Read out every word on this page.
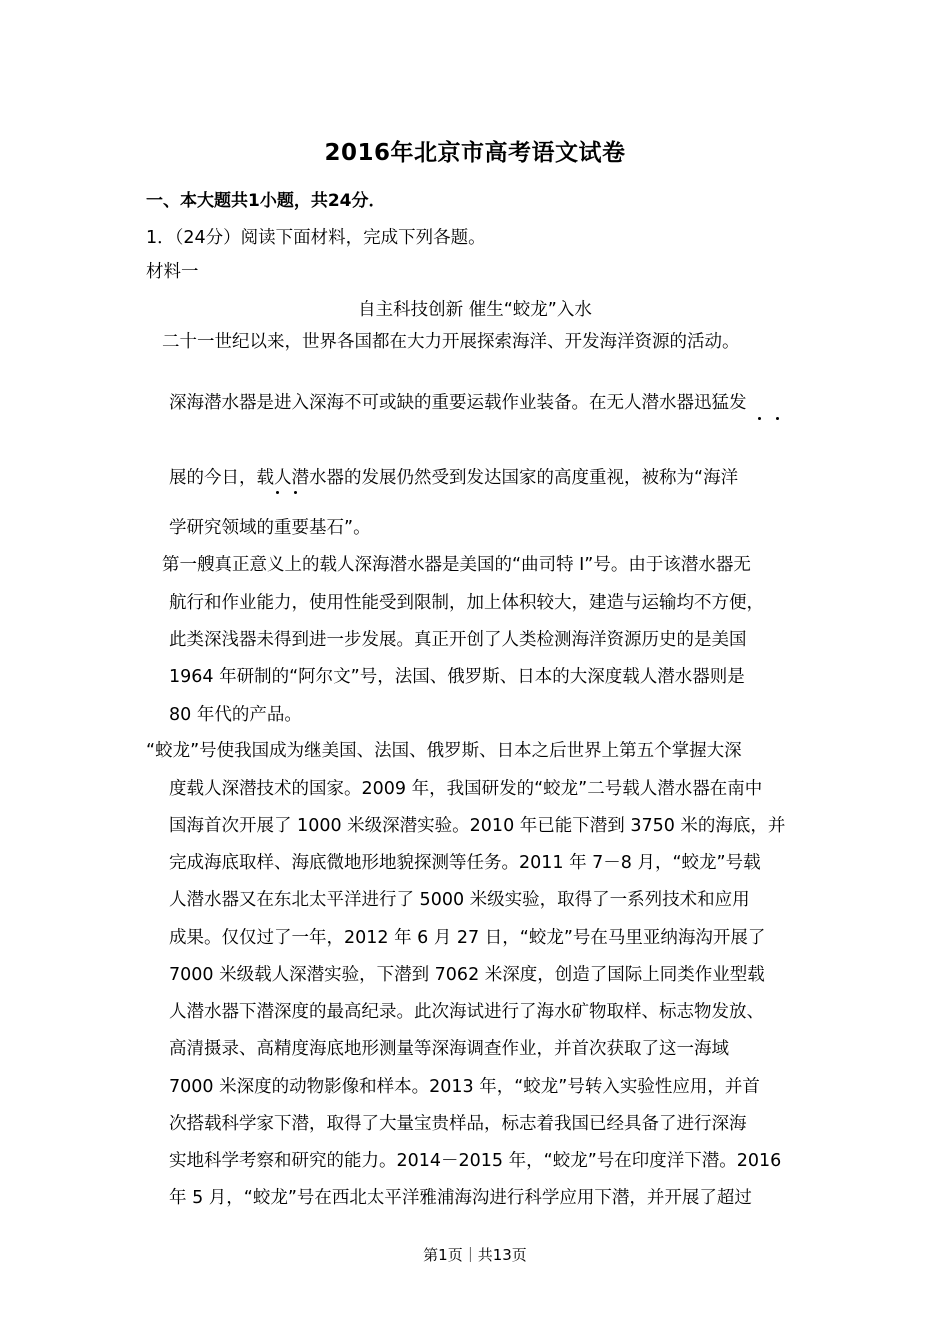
2016年北京市高考语文试卷
一、本大题共1小题，共24分．
1．（24分）阅读下面材料，完成下列各题。
材料一
自主科技创新 催生“蛟龙”入水
二十一世纪以来，世界各国都在大力开展探索海洋、开发海洋资源的活动。
深海潜水器是进入深海不可或缺的重要运载作业装备。在无人潜水器迅猛发
展的今日，载人潜水器的发展仍然受到发达国家的高度重视，被称为“海洋
学研究领域的重要基石”。
第一艘真正意义上的载人深海潜水器是美国的“曲司特 I”号。由于该潜水器无
航行和作业能力，使用性能受到限制，加上体积较大，建造与运输均不方便，
此类深浅器未得到进一步发展。真正开创了人类检测海洋资源历史的是美国
1964 年研制的“阿尔文”号，法国、俄罗斯、日本的大深度载人潜水器则是
80 年代的产品。
“蛟龙”号使我国成为继美国、法国、俄罗斯、日本之后世界上第五个掌握大深
度载人深潜技术的国家。2009 年，我国研发的“蛟龙”二号载人潜水器在南中
国海首次开展了 1000 米级深潜实验。2010 年已能下潜到 3750 米的海底，并
完成海底取样、海底微地形地貌探测等任务。2011 年 7－8 月，“蛟龙”号载
人潜水器又在东北太平洋进行了 5000 米级实验，取得了一系列技术和应用
成果。仅仅过了一年，2012 年 6 月 27 日，“蛟龙”号在马里亚纳海沟开展了
7000 米级载人深潜实验，下潜到 7062 米深度，创造了国际上同类作业型载
人潜水器下潜深度的最高纪录。此次海试进行了海水矿物取样、标志物发放、
高清摄录、高精度海底地形测量等深海调查作业，并首次获取了这一海域
7000 米深度的动物影像和样本。2013 年，“蛟龙”号转入实验性应用，并首
次搭载科学家下潜，取得了大量宝贵样品，标志着我国已经具备了进行深海
实地科学考察和研究的能力。2014－2015 年，“蛟龙”号在印度洋下潜。2016
年 5 月，“蛟龙”号在西北太平洋雅浦海沟进行科学应用下潜，并开展了超过
第1页｜共13页
